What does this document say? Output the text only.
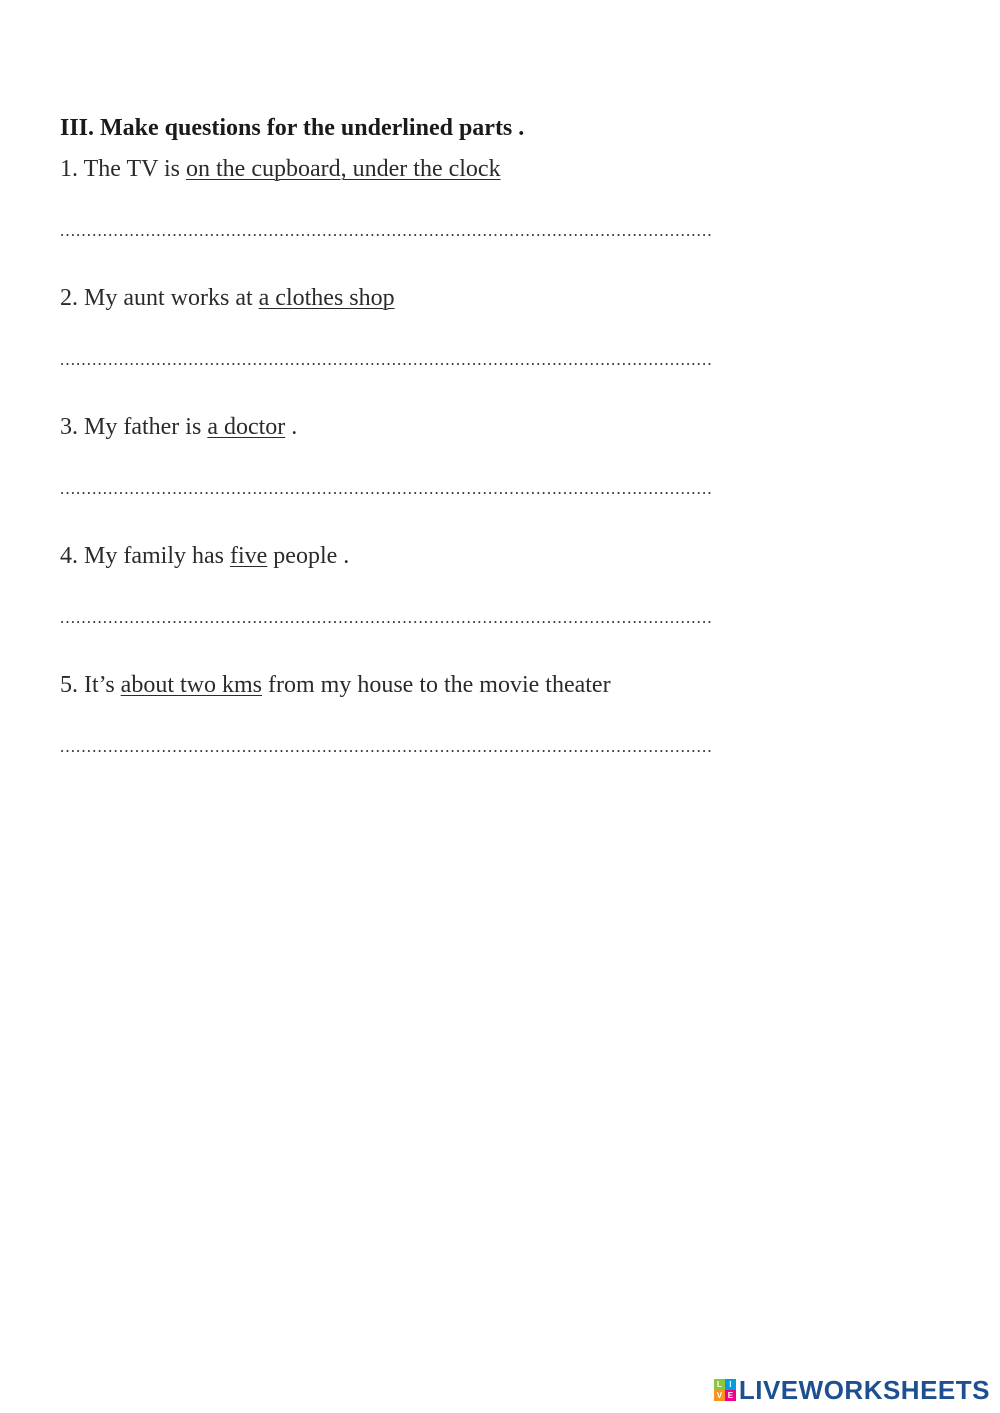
III. Make questions for the underlined parts .

1. The TV is on the cupboard, under the clock

..........................................................................................................................

2. My aunt works at a clothes shop

..........................................................................................................................

3. My father is a doctor .

..........................................................................................................................

4. My family has five people .

..........................................................................................................................

5. It’s about two kms from my house to the movie theater

..........................................................................................................................
L I
V E LIVEWORKSHEETS
